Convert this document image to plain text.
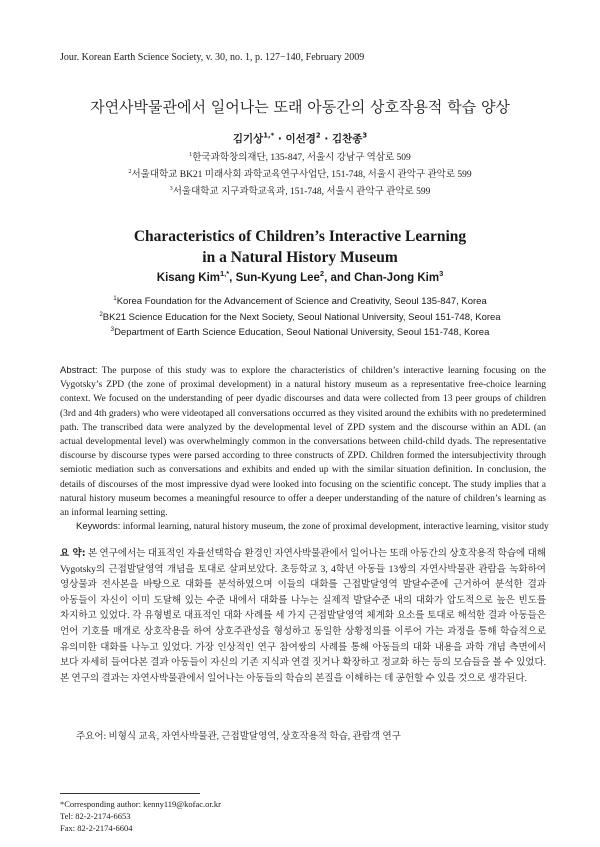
Jour. Korean Earth Science Society, v. 30, no. 1, p. 127−140, February 2009
자연사박물관에서 일어나는 또래 아동간의 상호작용적 학습 양상
김기상$^{1,*}$ · 이선경$^2$ · 김찬종$^3$
$^1$한국과학창의재단, 135-847, 서울시 강남구 역삼로 509
$^2$서울대학교 BK21 미래사회 과학교육연구사업단, 151-748, 서울시 관악구 관악로 599
$^3$서울대학교 지구과학교육과, 151-748, 서울시 관악구 관악로 599
Characteristics of Children’s Interactive Learning
in a Natural History Museum
Kisang Kim$^{1,*}$, Sun-Kyung Lee$^2$, and Chan-Jong Kim$^3$
$^1$Korea Foundation for the Advancement of Science and Creativity, Seoul 135-847, Korea
$^2$BK21 Science Education for the Next Society, Seoul National University, Seoul 151-748, Korea
$^3$Department of Earth Science Education, Seoul National University, Seoul 151-748, Korea
Abstract: The purpose of this study was to explore the characteristics of children’s interactive learning focusing on the Vygotsky’s ZPD (the zone of proximal development) in a natural history museum as a representative free-choice learning context. We focused on the understanding of peer dyadic discourses and data were collected from 13 peer groups of children (3rd and 4th graders) who were videotaped all conversations occurred as they visited around the exhibits with no predetermined path. The transcribed data were analyzed by the developmental level of ZPD system and the discourse within an ADL (an actual developmental level) was overwhelmingly common in the conversations between child-child dyads. The representative discourse by discourse types were parsed according to three constructs of ZPD. Children formed the intersubjectivity through semiotic mediation such as conversations and exhibits and ended up with the similar situation definition. In conclusion, the details of discourses of the most impressive dyad were looked into focusing on the scientific concept. The study implies that a natural history museum becomes a meaningful resource to offer a deeper understanding of the nature of children’s learning as an informal learning setting.
Keywords: informal learning, natural history museum, the zone of proximal development, interactive learning, visitor study
요 약: 본 연구에서는 대표적인 자율선택학습 환경인 자연사박물관에서 일어나는 또래 아동간의 상호작용적 학습에 대해 Vygotsky의 근접발달영역 개념을 토대로 살펴보았다. 초등학교 3, 4학년 아동들 13쌍의 자연사박물관 관람을 녹화하여 영상물과 전사본을 바탕으로 대화를 분석하였으며 이들의 대화를 근접발달영역 발달수준에 근거하여 분석한 결과 아동들이 자신이 이미 도달해 있는 수준 내에서 대화를 나누는 실제적 발달수준 내의 대화가 압도적으로 높은 빈도를 차지하고 있었다. 각 유형별로 대표적인 대화 사례를 세 가지 근접발달영역 체계화 요소를 토대로 해석한 결과 아동들은 언어 기호를 매개로 상호작용을 하여 상호주관성을 형성하고 동일한 상황정의를 이루어 가는 과정을 통해 학습적으로 유의미한 대화를 나누고 있었다. 가장 인상적인 연구 참여쌍의 사례를 통해 아동들의 대화 내용을 과학 개념 측면에서 보다 자세히 들여다본 결과 아동들이 자신의 기존 지식과 연결 짓거나 확장하고 정교화 하는 등의 모습들을 볼 수 있었다. 본 연구의 결과는 자연사박물관에서 일어나는 아동들의 학습의 본질을 이해하는 데 공헌할 수 있을 것으로 생각된다.
주요어: 비형식 교육, 자연사박물관, 근접발달영역, 상호작용적 학습, 관람객 연구
*Corresponding author: kenny119@kofac.or.kr
Tel: 82-2-2174-6653
Fax: 82-2-2174-6604
